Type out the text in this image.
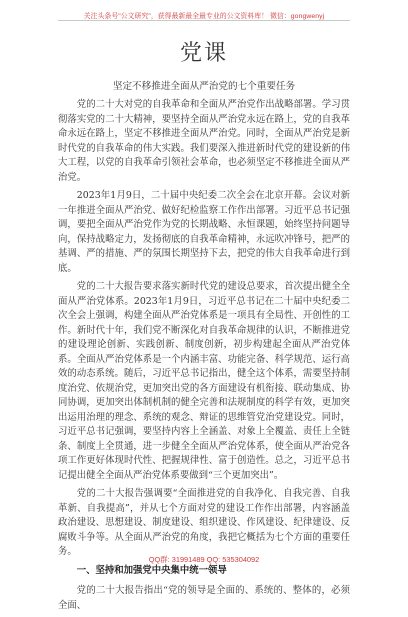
关注头条号"公文研究"，获得最新最全最专业的公文资料库！ 微信：gongwenyj
党课
坚定不移推进全面从严治党的七个重要任务

党的二十大对党的自我革命和全面从严治党作出战略部署。学习贯彻落实党的二十大精神，要坚持全面从严治党永远在路上，党的自我革命永远在路上，坚定不移推进全面从严治党。同时，全面从严治党是新时代党的自我革命的伟大实践。我们要深入推进新时代党的建设新的伟大工程，以党的自我革命引领社会革命，也必须坚定不移推进全面从严治党。

2023年1月9日，二十届中央纪委二次全会在北京开幕。会议对新一年推进全面从严治党、做好纪检监察工作作出部署。习近平总书记强调，要把全面从严治党作为党的长期战略、永恒课题，始终坚持问题导向，保持战略定力，发扬彻底的自我革命精神，永远吹冲锋号，把严的基调、严的措施、严的氛围长期坚持下去，把党的伟大自我革命进行到底。

党的二十大报告要求落实新时代党的建设总要求，首次提出健全全面从严治党体系。2023年1月9日，习近平总书记在二十届中央纪委二次全会上强调，构建全面从严治党体系是一项具有全局性、开创性的工作。新时代十年，我们党不断深化对自我革命规律的认识，不断推进党的建设理论创新、实践创新、制度创新，初步构建起全面从严治党体系。全面从严治党体系是一个内涵丰富、功能完备、科学规范、运行高效的动态系统。随后，习近平总书记指出，健全这个体系，需要坚持制度治党、依规治党，更加突出党的各方面建设有机衔接、联动集成、协同协调，更加突出体制机制的健全完善和法规制度的科学有效，更加突出运用治理的理念、系统的观念、辩证的思维管党治党建设党。同时，习近平总书记强调，要坚持内容上全涵盖、对象上全覆盖、责任上全链条、制度上全贯通，进一步健全全面从严治党体系，使全面从严治党各项工作更好体现时代性、把握规律性、富于创造性。总之，习近平总书记提出健全全面从严治党体系要做到“三个更加突出”。

党的二十大报告强调要“全面推进党的自我净化、自我完善、自我革新、自我提高”，并从七个方面对党的建设工作作出部署，内容涵盖政治建设、思想建设、制度建设、组织建设、作风建设、纪律建设、反腐败斗争等。从全面从严治党的角度，我把它概括为七个方面的重要任务。

一、坚持和加强党中央集中统一领导

党的二十大报告指出“党的领导是全面的、系统的、整体的，必须全面、

QQ群: 31991489 QQ: 535304092
